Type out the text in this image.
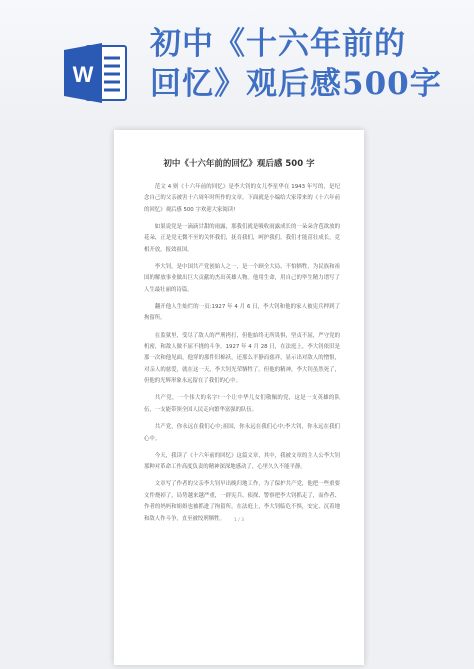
W
初中《十六年前的
回忆》观后感500字
初中《十六年前的回忆》观后感 500 字

范文 4 则《十六年前的回忆》是李大钊的女儿李星华在 1943 年写的，是纪念自己的父亲被害十六周年时所作的文章。下面就是小编给大家带来的《十六年前的回忆》观后感 500 字欢迎大家阅读!

如果说党是一滴滴甘甜的雨露，那我们就是吸收雨露成长的一朵朵含苞欲放的花朵，正是党无微不至的关怀我们，抚育我们，呵护我们，我们才能茁壮成长，竞相开放，报效祖国。

李大钊，是中国共产党创始人之一，是一个顾全大局、不怕牺牲，为民族和祖国的解放事业做出巨大贡献的杰出英雄人物。他用生命，用自己的毕生精力谱写了人生最壮丽的诗篇。

翻开他人生灿烂的一页:1927 年 4 月 6 日，李大钊和他的家人被宪兵押到了拘留所。

在监狱里，受尽了敌人的严刑拷打，但他始终无所畏惧，坚贞不屈，严守党的机密，和敌人做不屈不挠的斗争。1927 年 4 月 28 日，在法庭上，李大钊依旧是那一次和他见面，他穿的那件旧棉袄，还那么平静而慈祥，显示出对敌人的憎恨，对亲人的慈爱，就在这一天，李大钊光荣牺牲了。但他的精神，李大钊虽然死了，但他的光辉形象永远留在了我们的心中。

共产党，一个伟大的名字!一个让中华儿女们敬佩的党，这是一支英雄的队伍，一支能带领全国人民走向繁华富强的队伍。

共产党，你永远在我们心中;祖国，你永远在我们心中;李大钊，你永远在我们心中。

今天，我读了《十六年前的回忆》这篇文章，其中，我被文章的主人公李大钊那种对革命工作高度负责的精神深深地感动了，心里久久不能平静。

文章写了作者的父亲李大钊早出晚归地工作，为了保护共产党，他把一些重要文件烧掉了，局势越来越严重，一群宪兵、侦探、警察把李大钊抓走了，而作者、作者的妈妈和姐姐也被抓进了拘留所，在法庭上，李大钊临危不惧，安定、沉着地和敌人作斗争，直至被绞刑牺牲。	1 / 3
